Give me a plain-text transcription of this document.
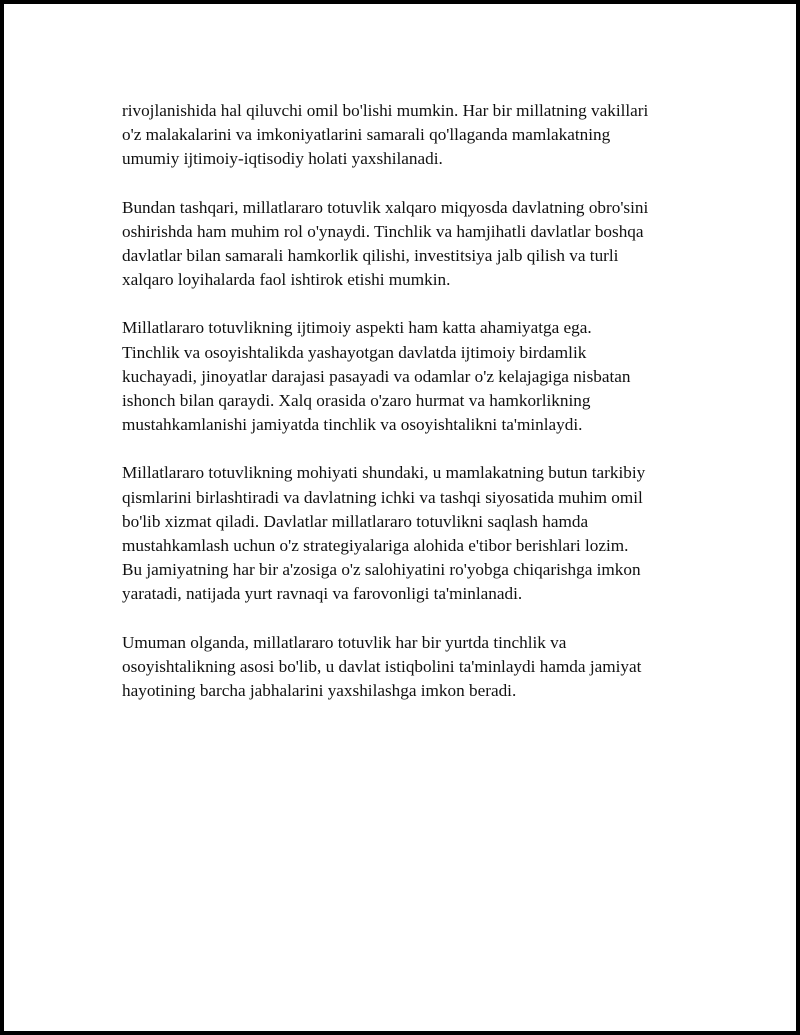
rivojlanishida hal qiluvchi omil bo'lishi mumkin. Har bir millatning vakillari
o'z malakalarini va imkoniyatlarini samarali qo'llaganda mamlakatning
umumiy ijtimoiy-iqtisodiy holati yaxshilanadi.

Bundan tashqari, millatlararo totuvlik xalqaro miqyosda davlatning obro'sini
oshirishda ham muhim rol o'ynaydi. Tinchlik va hamjihatli davlatlar boshqa
davlatlar bilan samarali hamkorlik qilishi, investitsiya jalb qilish va turli
xalqaro loyihalarda faol ishtirok etishi mumkin.

Millatlararo totuvlikning ijtimoiy aspekti ham katta ahamiyatga ega.
Tinchlik va osoyishtalikda yashayotgan davlatda ijtimoiy birdamlik
kuchayadi, jinoyatlar darajasi pasayadi va odamlar o'z kelajagiga nisbatan
ishonch bilan qaraydi. Xalq orasida o'zaro hurmat va hamkorlikning
mustahkamlanishi jamiyatda tinchlik va osoyishtalikni ta'minlaydi.

Millatlararo totuvlikning mohiyati shundaki, u mamlakatning butun tarkibiy
qismlarini birlashtiradi va davlatning ichki va tashqi siyosatida muhim omil
bo'lib xizmat qiladi. Davlatlar millatlararo totuvlikni saqlash hamda
mustahkamlash uchun o'z strategiyalariga alohida e'tibor berishlari lozim.
Bu jamiyatning har bir a'zosiga o'z salohiyatini ro'yobga chiqarishga imkon
yaratadi, natijada yurt ravnaqi va farovonligi ta'minlanadi.

Umuman olganda, millatlararo totuvlik har bir yurtda tinchlik va
osoyishtalikning asosi bo'lib, u davlat istiqbolini ta'minlaydi hamda jamiyat
hayotining barcha jabhalarini yaxshilashga imkon beradi.
